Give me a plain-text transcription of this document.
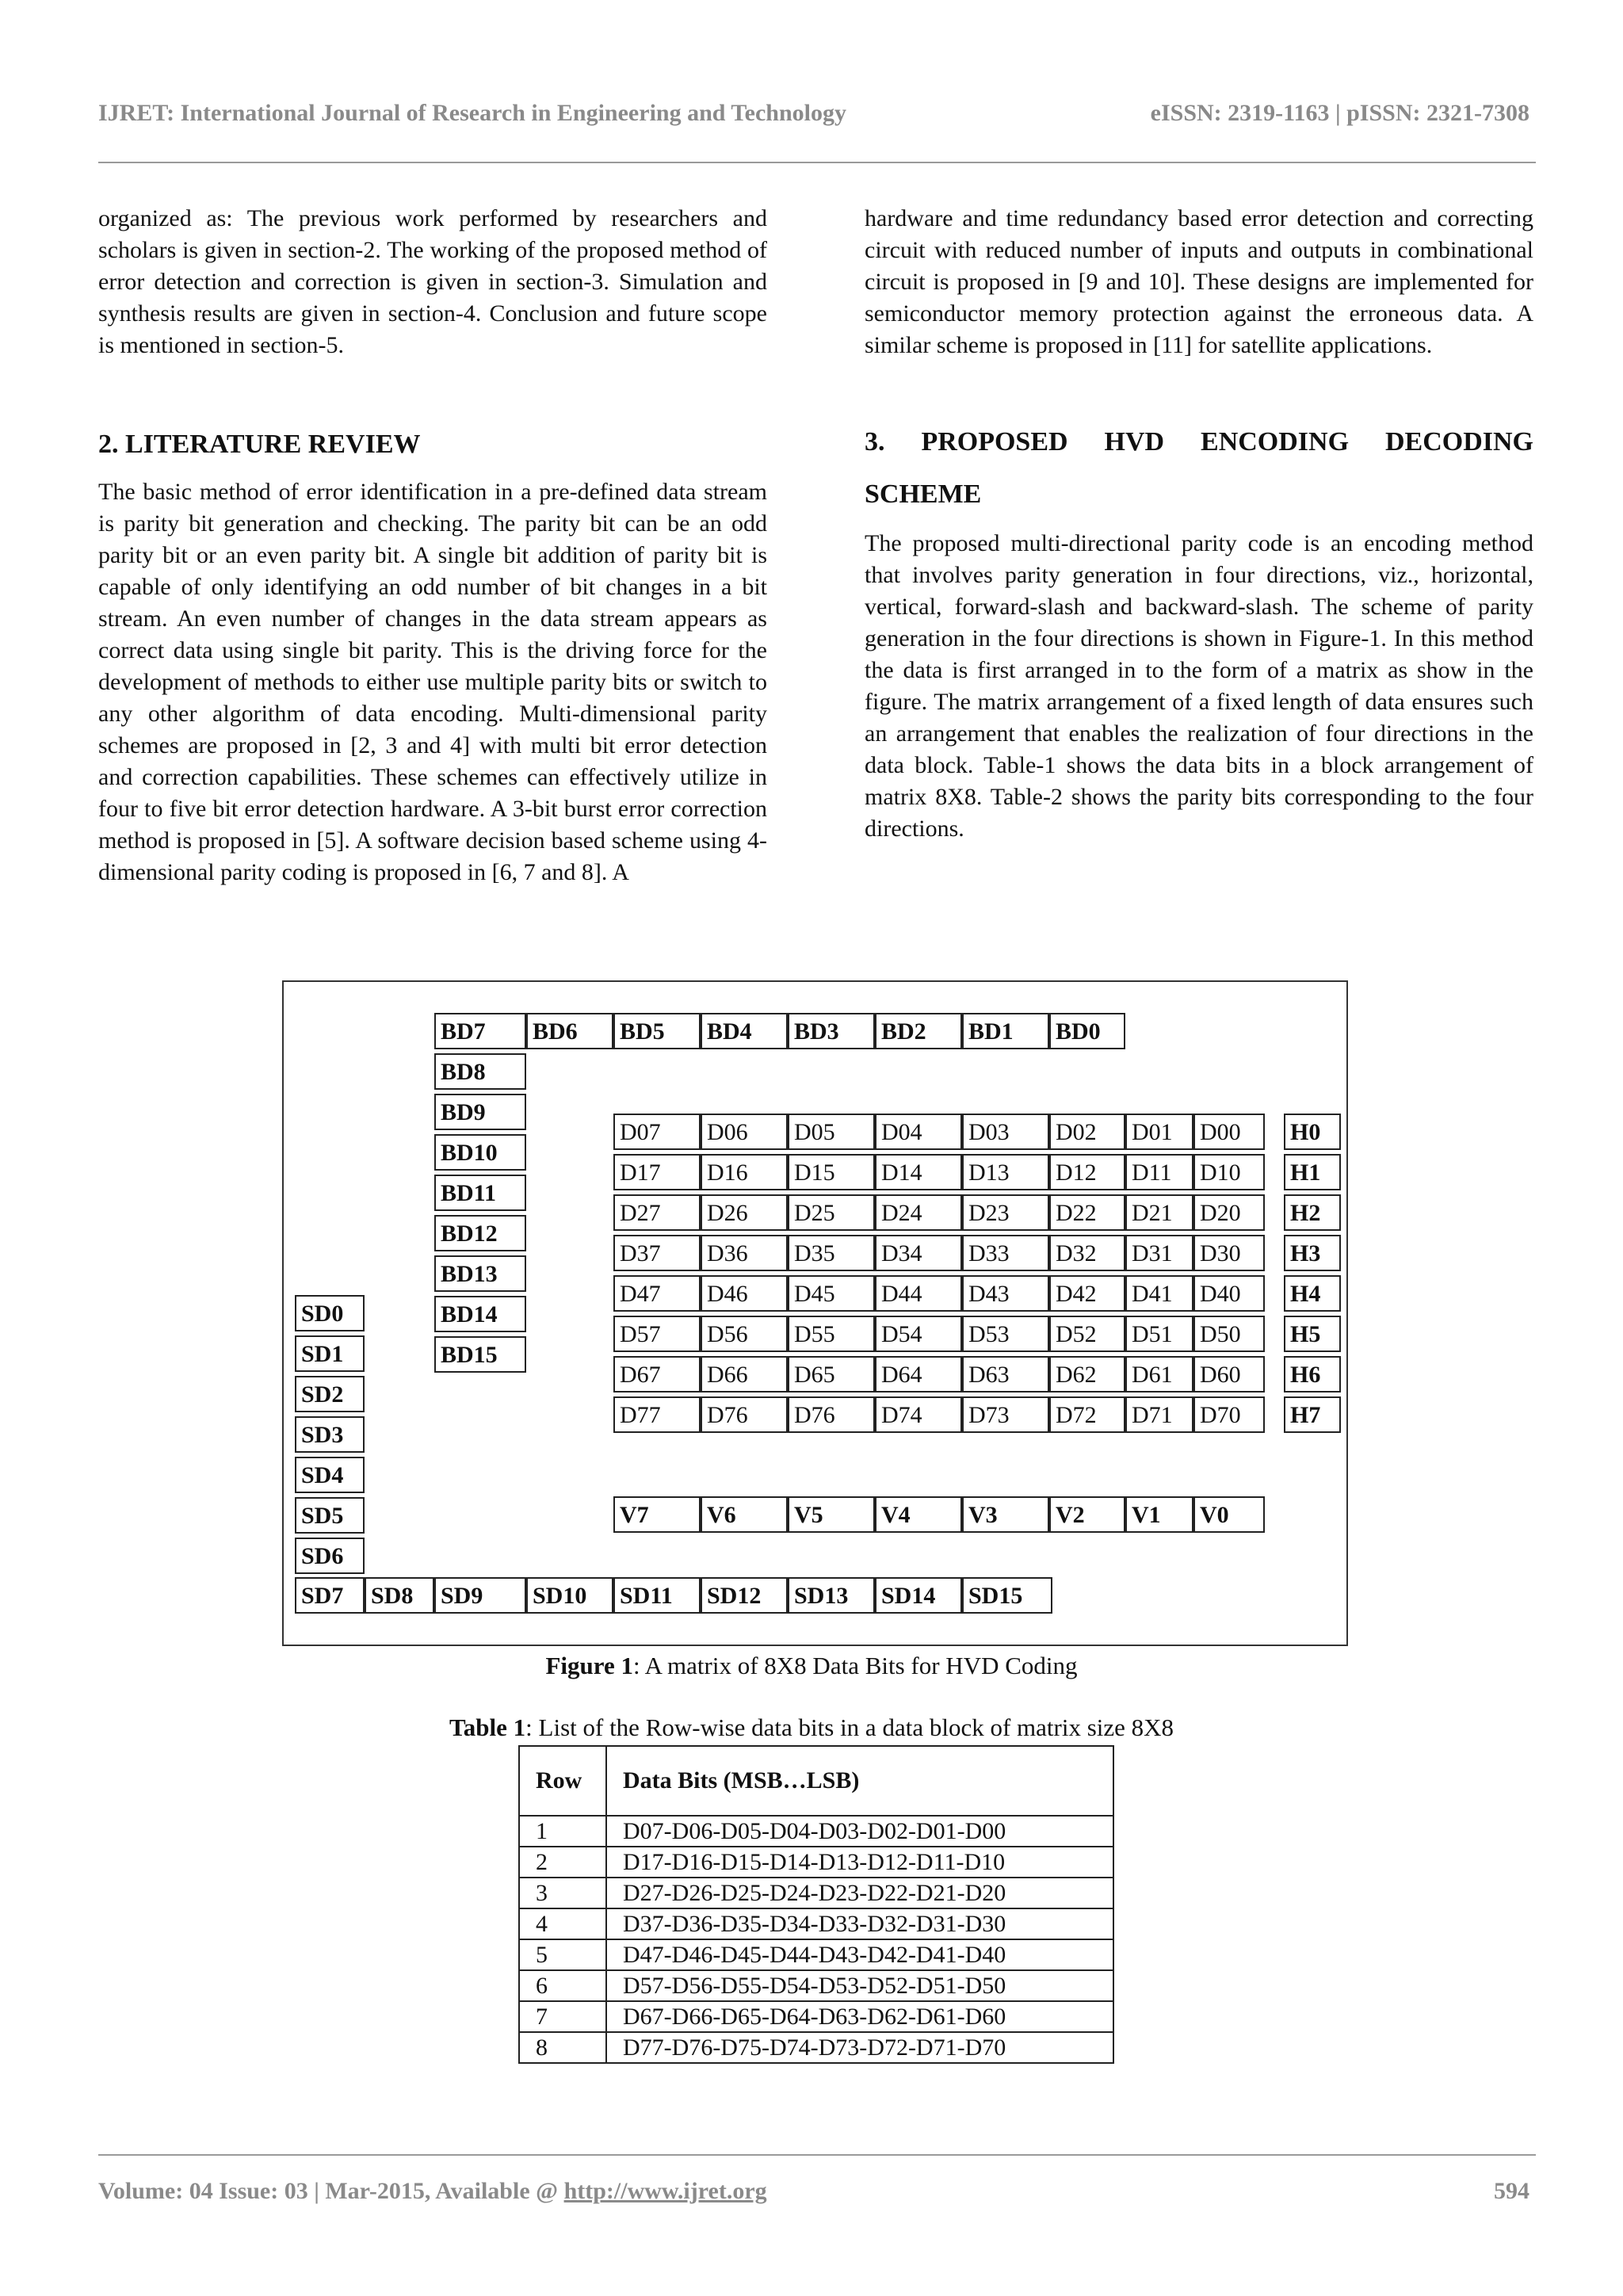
IJRET: International Journal of Research in Engineering and Technology	eISSN: 2319-1163 | pISSN: 2321-7308

organized as: The previous work performed by researchers and scholars is given in section-2. The working of the proposed method of error detection and correction is given in section-3. Simulation and synthesis results are given in section-4. Conclusion and future scope is mentioned in section-5.

2. LITERATURE REVIEW

The basic method of error identification in a pre-defined data stream is parity bit generation and checking. The parity bit can be an odd parity bit or an even parity bit. A single bit addition of parity bit is capable of only identifying an odd number of bit changes in a bit stream. An even number of changes in the data stream appears as correct data using single bit parity. This is the driving force for the development of methods to either use multiple parity bits or switch to any other algorithm of data encoding. Multi-dimensional parity schemes are proposed in [2, 3 and 4] with multi bit error detection and correction capabilities. These schemes can effectively utilize in four to five bit error detection hardware. A 3-bit burst error correction method is proposed in [5]. A software decision based scheme using 4-dimensional parity coding is proposed in [6, 7 and 8]. A

hardware and time redundancy based error detection and correcting circuit with reduced number of inputs and outputs in combinational circuit is proposed in [9 and 10]. These designs are implemented for semiconductor memory protection against the erroneous data. A similar scheme is proposed in [11] for satellite applications.

3. PROPOSED HVD ENCODING DECODING
SCHEME

The proposed multi-directional parity code is an encoding method that involves parity generation in four directions, viz., horizontal, vertical, forward-slash and backward-slash. The scheme of parity generation in the four directions is shown in Figure-1. In this method the data is first arranged in to the form of a matrix as show in the figure. The matrix arrangement of a fixed length of data ensures such an arrangement that enables the realization of four directions in the data block. Table-1 shows the data bits in a block arrangement of matrix 8X8. Table-2 shows the parity bits corresponding to the four directions.

BD7	BD6	BD5	BD4	BD3	BD2	BD1	BD0
BD8
BD9
BD10
BD11
BD12
BD13
BD14
BD15
D07	D06	D05	D04	D03	D02	D01	D00
D17	D16	D15	D14	D13	D12	D11	D10
D27	D26	D25	D24	D23	D22	D21	D20
D37	D36	D35	D34	D33	D32	D31	D30
D47	D46	D45	D44	D43	D42	D41	D40
D57	D56	D55	D54	D53	D52	D51	D50
D67	D66	D65	D64	D63	D62	D61	D60
D77	D76	D76	D74	D73	D72	D71	D70
H0
H1
H2
H3
H4
H5
H6
H7
V7	V6	V5	V4	V3	V2	V1	V0
SD0
SD1
SD2
SD3
SD4
SD5
SD6
SD7	SD8	SD9	SD10	SD11	SD12	SD13	SD14	SD15
Figure 1: A matrix of 8X8 Data Bits for HVD Coding
Table 1: List of the Row-wise data bits in a data block of matrix size 8X8
Row	Data Bits (MSB…LSB)
1	D07-D06-D05-D04-D03-D02-D01-D00
2	D17-D16-D15-D14-D13-D12-D11-D10
3	D27-D26-D25-D24-D23-D22-D21-D20
4	D37-D36-D35-D34-D33-D32-D31-D30
5	D47-D46-D45-D44-D43-D42-D41-D40
6	D57-D56-D55-D54-D53-D52-D51-D50
7	D67-D66-D65-D64-D63-D62-D61-D60
8	D77-D76-D75-D74-D73-D72-D71-D70
Volume: 04 Issue: 03 | Mar-2015, Available @ http://www.ijret.org	594
